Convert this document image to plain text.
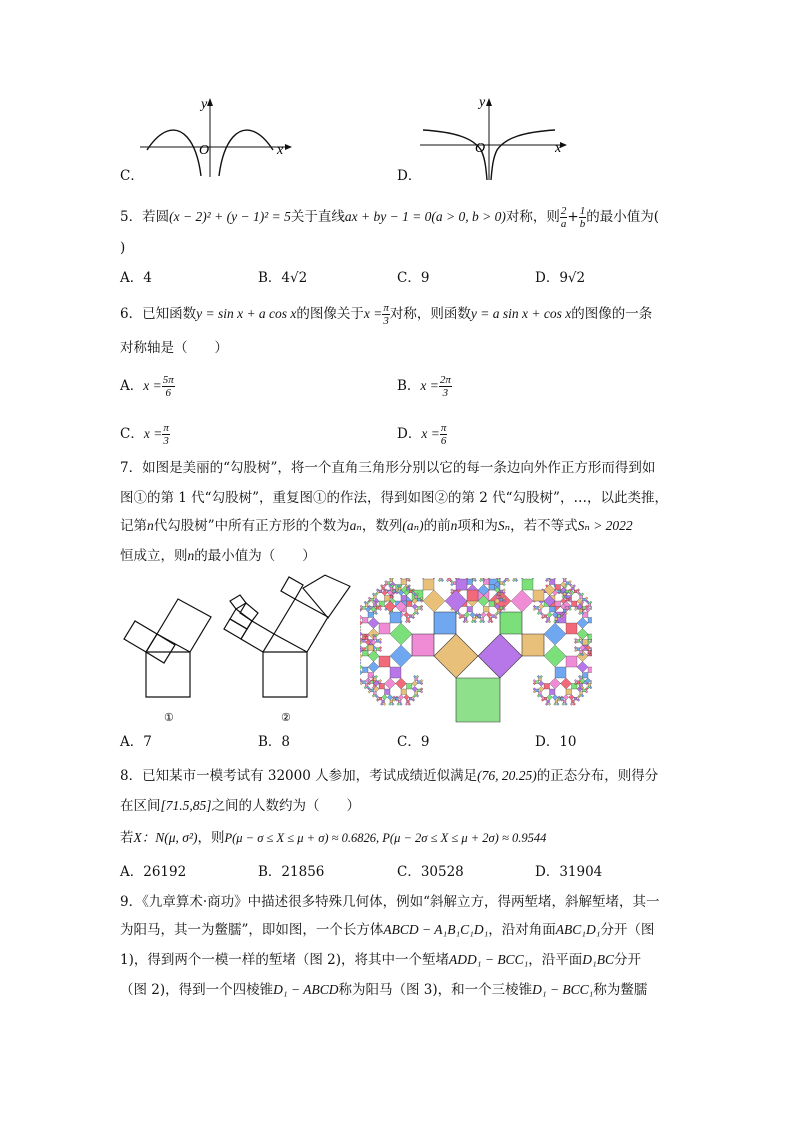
y
O	x
C．
y
O	x
D．
5．若圆(x − 2)² + (y − 1)² = 5关于直线ax + by − 1 = 0(a > 0, b > 0)对称，则 $\frac{2}{a} + \frac{1}{b}$ 的最小值为(
)
A．4	B．4√2	C．9	D．9√2
6．已知函数y = sin x + a cos x的图像关于$x = \frac{\pi}{3}$ 对称，则函数y = a sin x + cos x的图像的一条
对称轴是（　　）
A．$x = \frac{5\pi}{6}$	B．$x = \frac{2\pi}{3}$
C．$x = \frac{\pi}{3}$	D．$x = \frac{\pi}{6}$
7．如图是美丽的“勾股树”，将一个直角三角形分别以它的每一条边向外作正方形而得到如
图①的第 1 代“勾股树”，重复图①的作法，得到如图②的第 2 代“勾股树”，…，以此类推，
记第n代勾股树”中所有正方形的个数为aₙ，数列(aₙ)的前n项和为Sₙ，若不等式Sₙ > 2022
恒成立，则n的最小值为（　　）
①	②
A．7	B．8	C．9	D．10
8．已知某市一模考试有 32000 人参加，考试成绩近似满足(76, 20.25)的正态分布，则得分
在区间[71.5,85]之间的人数约为（　　）
若X：N(μ, σ²)，则P(μ − σ ≤ X ≤ μ + σ) ≈ 0.6826, P(μ − 2σ ≤ X ≤ μ + 2σ) ≈ 0.9544
A．26192	B．21856	C．30528	D．31904
9．《九章算术·商功》中描述很多特殊几何体，例如“斜解立方，得两堑堵，斜解堑堵，其一
为阳马，其一为鳖臑”，即如图，一个长方体ABCD − A₁B₁C₁D₁，沿对角面ABC₁D₁分开（图
1)，得到两个一模一样的堑堵（图 2)，将其中一个堑堵ADD₁ − BCC₁，沿平面D₁BC分开
（图 2)，得到一个四棱锥D₁ − ABCD称为阳马（图 3)，和一个三棱锥D₁ − BCC₁称为鳖臑
